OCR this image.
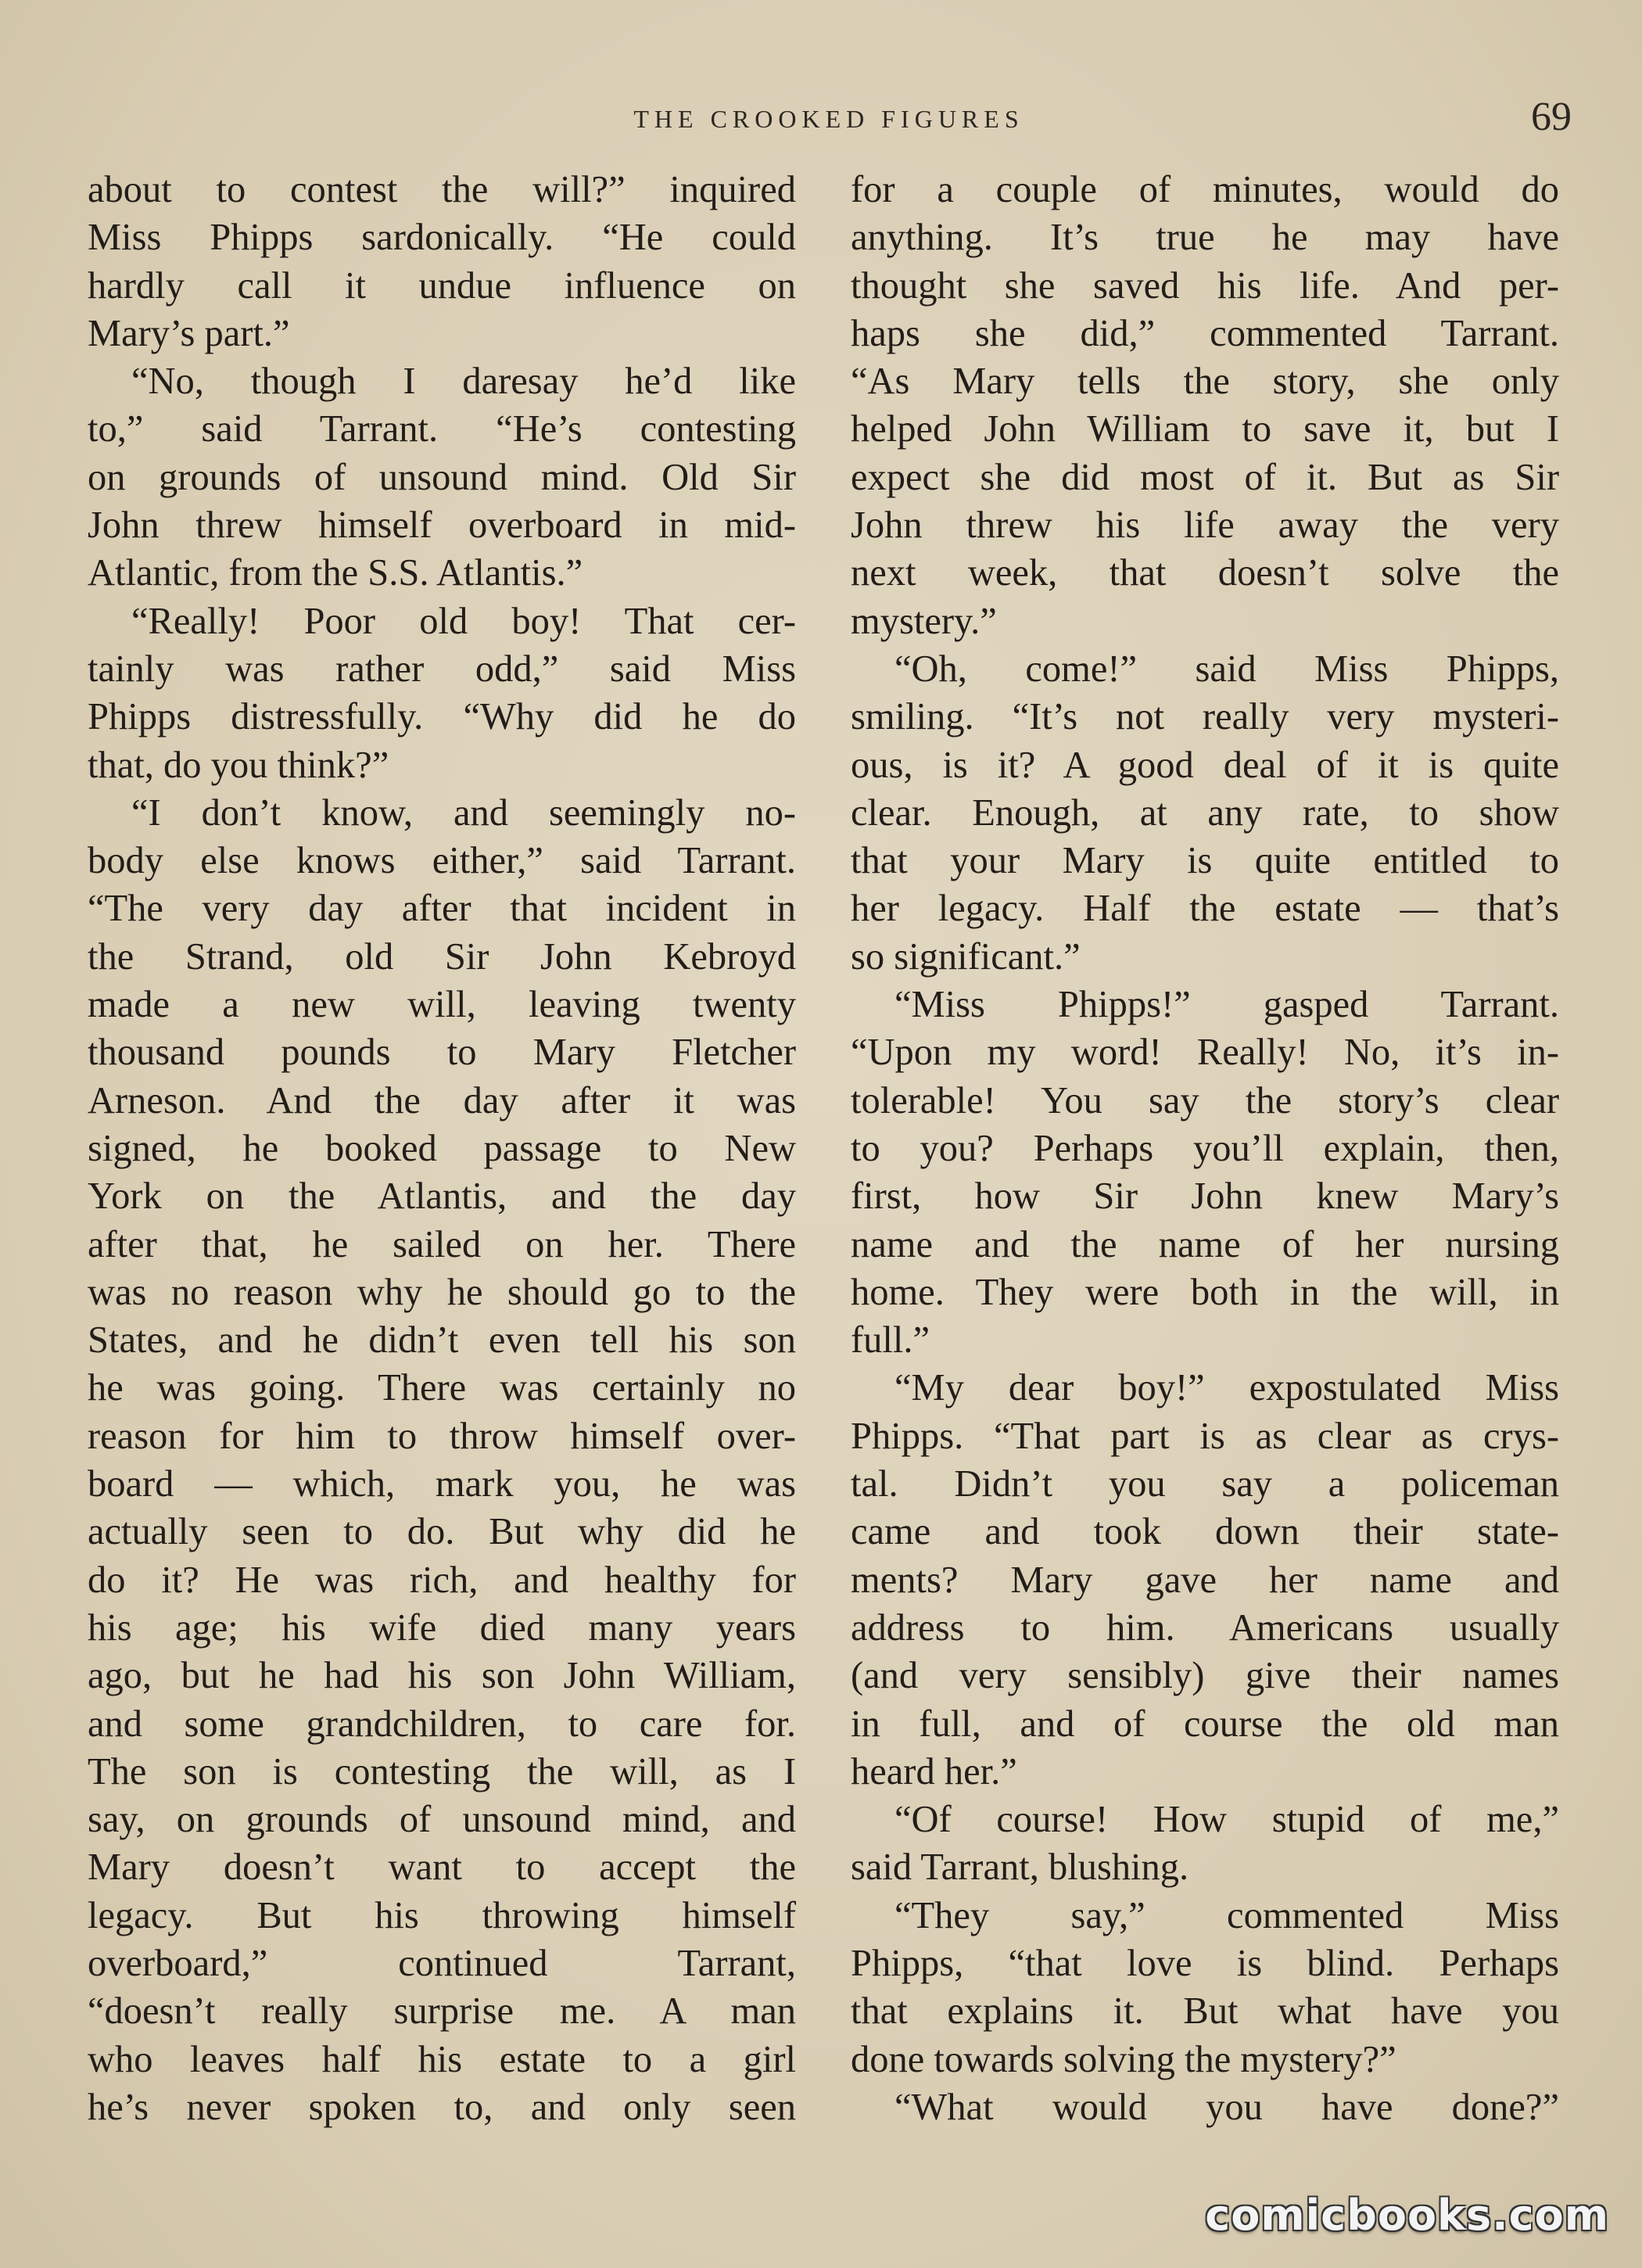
THE CROOKED FIGURES	69
about to contest the will?” inquired
Miss Phipps sardonically. “He could
hardly call it undue influence on
Mary’s part.”
“No, though I daresay he’d like
to,” said Tarrant. “He’s contesting
on grounds of unsound mind. Old Sir
John threw himself overboard in mid-
Atlantic, from the S.S. Atlantis.”
“Really! Poor old boy! That cer-
tainly was rather odd,” said Miss
Phipps distressfully. “Why did he do
that, do you think?”
“I don’t know, and seemingly no-
body else knows either,” said Tarrant.
“The very day after that incident in
the Strand, old Sir John Kebroyd
made a new will, leaving twenty
thousand pounds to Mary Fletcher
Arneson. And the day after it was
signed, he booked passage to New
York on the Atlantis, and the day
after that, he sailed on her. There
was no reason why he should go to the
States, and he didn’t even tell his son
he was going. There was certainly no
reason for him to throw himself over-
board — which, mark you, he was
actually seen to do. But why did he
do it? He was rich, and healthy for
his age; his wife died many years
ago, but he had his son John William,
and some grandchildren, to care for.
The son is contesting the will, as I
say, on grounds of unsound mind, and
Mary doesn’t want to accept the
legacy. But his throwing himself
overboard,” continued Tarrant,
“doesn’t really surprise me. A man
who leaves half his estate to a girl
he’s never spoken to, and only seen
for a couple of minutes, would do
anything. It’s true he may have
thought she saved his life. And per-
haps she did,” commented Tarrant.
“As Mary tells the story, she only
helped John William to save it, but I
expect she did most of it. But as Sir
John threw his life away the very
next week, that doesn’t solve the
mystery.”
“Oh, come!” said Miss Phipps,
smiling. “It’s not really very mysteri-
ous, is it? A good deal of it is quite
clear. Enough, at any rate, to show
that your Mary is quite entitled to
her legacy. Half the estate — that’s
so significant.”
“Miss Phipps!” gasped Tarrant.
“Upon my word! Really! No, it’s in-
tolerable! You say the story’s clear
to you? Perhaps you’ll explain, then,
first, how Sir John knew Mary’s
name and the name of her nursing
home. They were both in the will, in
full.”
“My dear boy!” expostulated Miss
Phipps. “That part is as clear as crys-
tal. Didn’t you say a policeman
came and took down their state-
ments? Mary gave her name and
address to him. Americans usually
(and very sensibly) give their names
in full, and of course the old man
heard her.”
“Of course! How stupid of me,”
said Tarrant, blushing.
“They say,” commented Miss
Phipps, “that love is blind. Perhaps
that explains it. But what have you
done towards solving the mystery?”
“What would you have done?”
comicbooks.com
